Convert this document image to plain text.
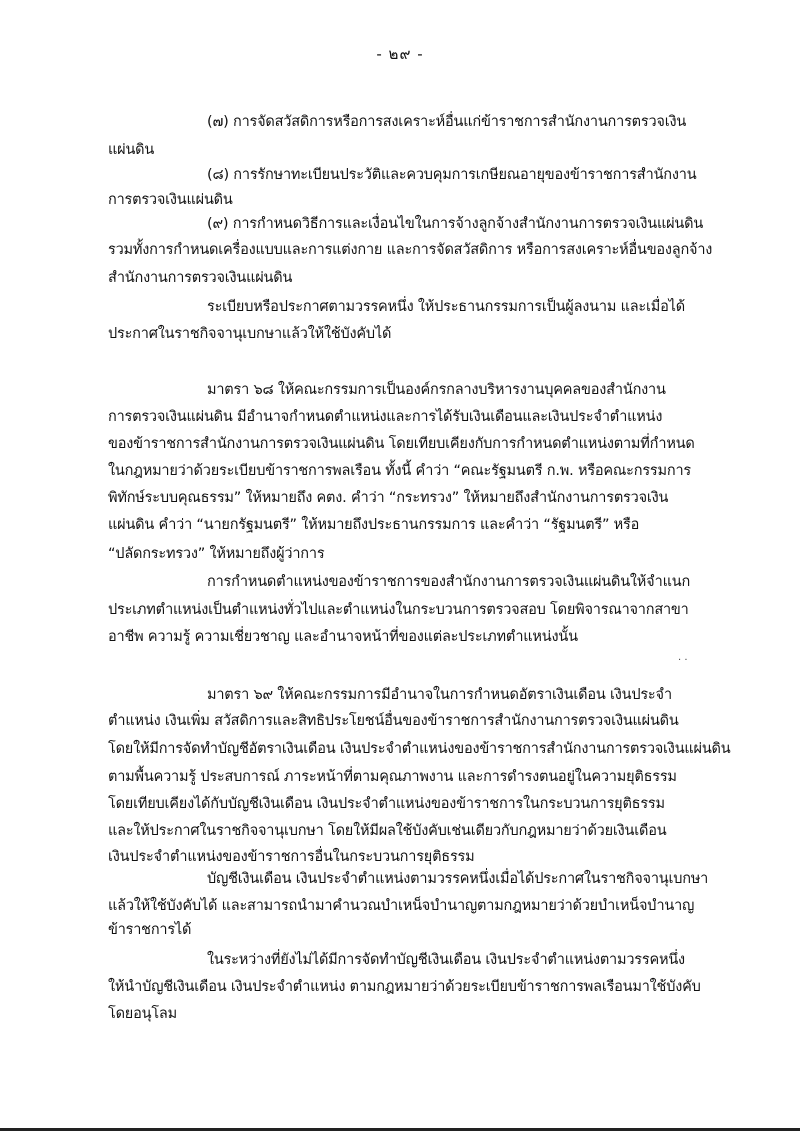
- ๒๙ -
(๗) การจัดสวัสดิการหรือการสงเคราะห์อื่นแก่ข้าราชการสำนักงานการตรวจเงิน
แผ่นดิน
(๘) การรักษาทะเบียนประวัติและควบคุมการเกษียณอายุของข้าราชการสำนักงาน
การตรวจเงินแผ่นดิน
(๙) การกำหนดวิธีการและเงื่อนไขในการจ้างลูกจ้างสำนักงานการตรวจเงินแผ่นดิน
รวมทั้งการกำหนดเครื่องแบบและการแต่งกาย และการจัดสวัสดิการ หรือการสงเคราะห์อื่นของลูกจ้าง
สำนักงานการตรวจเงินแผ่นดิน
ระเบียบหรือประกาศตามวรรคหนึ่ง ให้ประธานกรรมการเป็นผู้ลงนาม และเมื่อได้
ประกาศในราชกิจจานุเบกษาแล้วให้ใช้บังคับได้
มาตรา ๖๘ ให้คณะกรรมการเป็นองค์กรกลางบริหารงานบุคคลของสำนักงาน
การตรวจเงินแผ่นดิน มีอำนาจกำหนดตำแหน่งและการได้รับเงินเดือนและเงินประจำตำแหน่ง
ของข้าราชการสำนักงานการตรวจเงินแผ่นดิน โดยเทียบเคียงกับการกำหนดตำแหน่งตามที่กำหนด
ในกฎหมายว่าด้วยระเบียบข้าราชการพลเรือน ทั้งนี้ คำว่า “คณะรัฐมนตรี ก.พ. หรือคณะกรรมการ
พิทักษ์ระบบคุณธรรม” ให้หมายถึง คตง. คำว่า “กระทรวง” ให้หมายถึงสำนักงานการตรวจเงิน
แผ่นดิน คำว่า “นายกรัฐมนตรี” ให้หมายถึงประธานกรรมการ และคำว่า “รัฐมนตรี” หรือ
“ปลัดกระทรวง” ให้หมายถึงผู้ว่าการ
การกำหนดตำแหน่งของข้าราชการของสำนักงานการตรวจเงินแผ่นดินให้จำแนก
ประเภทตำแหน่งเป็นตำแหน่งทั่วไปและตำแหน่งในกระบวนการตรวจสอบ โดยพิจารณาจากสาขา
อาชีพ ความรู้ ความเชี่ยวชาญ และอำนาจหน้าที่ของแต่ละประเภทตำแหน่งนั้น
· ·
มาตรา ๖๙ ให้คณะกรรมการมีอำนาจในการกำหนดอัตราเงินเดือน เงินประจำ
ตำแหน่ง เงินเพิ่ม สวัสดิการและสิทธิประโยชน์อื่นของข้าราชการสำนักงานการตรวจเงินแผ่นดิน
โดยให้มีการจัดทำบัญชีอัตราเงินเดือน เงินประจำตำแหน่งของข้าราชการสำนักงานการตรวจเงินแผ่นดิน
ตามพื้นความรู้ ประสบการณ์ ภาระหน้าที่ตามคุณภาพงาน และการดำรงตนอยู่ในความยุติธรรม
โดยเทียบเคียงได้กับบัญชีเงินเดือน เงินประจำตำแหน่งของข้าราชการในกระบวนการยุติธรรม
และให้ประกาศในราชกิจจานุเบกษา โดยให้มีผลใช้บังคับเช่นเดียวกับกฎหมายว่าด้วยเงินเดือน
เงินประจำตำแหน่งของข้าราชการอื่นในกระบวนการยุติธรรม
บัญชีเงินเดือน เงินประจำตำแหน่งตามวรรคหนึ่งเมื่อได้ประกาศในราชกิจจานุเบกษา
แล้วให้ใช้บังคับได้ และสามารถนำมาคำนวณบำเหน็จบำนาญตามกฎหมายว่าด้วยบำเหน็จบำนาญ
ข้าราชการได้
ในระหว่างที่ยังไม่ได้มีการจัดทำบัญชีเงินเดือน เงินประจำตำแหน่งตามวรรคหนึ่ง
ให้นำบัญชีเงินเดือน เงินประจำตำแหน่ง ตามกฎหมายว่าด้วยระเบียบข้าราชการพลเรือนมาใช้บังคับ
โดยอนุโลม
